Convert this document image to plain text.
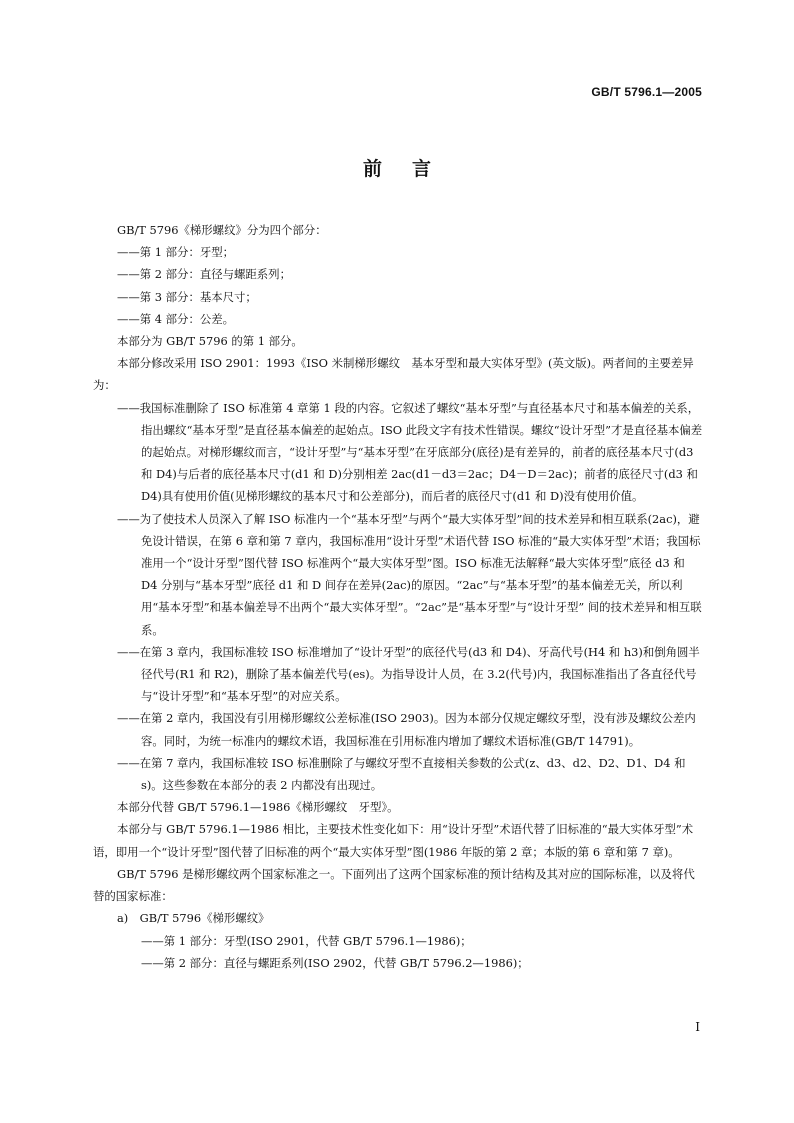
GB/T 5796.1—2005
前言

GB/T 5796《梯形螺纹》分为四个部分：

——第 1 部分：牙型；

——第 2 部分：直径与螺距系列；

——第 3 部分：基本尺寸；

——第 4 部分：公差。

本部分为 GB/T 5796 的第 1 部分。

本部分修改采用 ISO 2901：1993《ISO 米制梯形螺纹　基本牙型和最大实体牙型》(英文版)。两者间的主要差异为：

——我国标准删除了 ISO 标准第 4 章第 1 段的内容。它叙述了螺纹“基本牙型”与直径基本尺寸和基本偏差的关系，指出螺纹“基本牙型”是直径基本偏差的起始点。ISO 此段文字有技术性错误。螺纹“设计牙型”才是直径基本偏差的起始点。对梯形螺纹而言，“设计牙型”与“基本牙型”在牙底部分(底径)是有差异的，前者的底径基本尺寸(d3 和 D4)与后者的底径基本尺寸(d1 和 D)分别相差 2ac(d1－d3＝2ac；D4－D＝2ac)；前者的底径尺寸(d3 和 D4)具有使用价值(见梯形螺纹的基本尺寸和公差部分)，而后者的底径尺寸(d1 和 D)没有使用价值。

——为了使技术人员深入了解 ISO 标准内一个“基本牙型”与两个“最大实体牙型”间的技术差异和相互联系(2ac)，避免设计错误，在第 6 章和第 7 章内，我国标准用“设计牙型”术语代替 ISO 标准的“最大实体牙型”术语；我国标准用一个“设计牙型”图代替 ISO 标准两个“最大实体牙型”图。ISO 标准无法解释“最大实体牙型”底径 d3 和 D4 分别与“基本牙型”底径 d1 和 D 间存在差异(2ac)的原因。“2ac”与“基本牙型”的基本偏差无关，所以利用“基本牙型”和基本偏差导不出两个“最大实体牙型”。“2ac”是“基本牙型”与“设计牙型” 间的技术差异和相互联系。

——在第 3 章内，我国标准较 ISO 标准增加了“设计牙型”的底径代号(d3 和 D4)、牙高代号(H4 和 h3)和倒角圆半径代号(R1 和 R2)，删除了基本偏差代号(es)。为指导设计人员，在 3.2(代号)内，我国标准指出了各直径代号与“设计牙型”和“基本牙型”的对应关系。

——在第 2 章内，我国没有引用梯形螺纹公差标准(ISO 2903)。因为本部分仅规定螺纹牙型，没有涉及螺纹公差内容。同时，为统一标准内的螺纹术语，我国标准在引用标准内增加了螺纹术语标准(GB/T 14791)。

——在第 7 章内，我国标准较 ISO 标准删除了与螺纹牙型不直接相关参数的公式(z、d3、d2、D2、D1、D4 和 s)。这些参数在本部分的表 2 内都没有出现过。

本部分代替 GB/T 5796.1—1986《梯形螺纹　牙型》。

本部分与 GB/T 5796.1—1986 相比，主要技术性变化如下：用“设计牙型”术语代替了旧标准的“最大实体牙型”术语，即用一个“设计牙型”图代替了旧标准的两个“最大实体牙型”图(1986 年版的第 2 章；本版的第 6 章和第 7 章)。

GB/T 5796 是梯形螺纹两个国家标准之一。下面列出了这两个国家标准的预计结构及其对应的国际标准，以及将代替的国家标准：

a)　GB/T 5796《梯形螺纹》

——第 1 部分：牙型(ISO 2901，代替 GB/T 5796.1—1986)；

——第 2 部分：直径与螺距系列(ISO 2902，代替 GB/T 5796.2—1986)；

I
